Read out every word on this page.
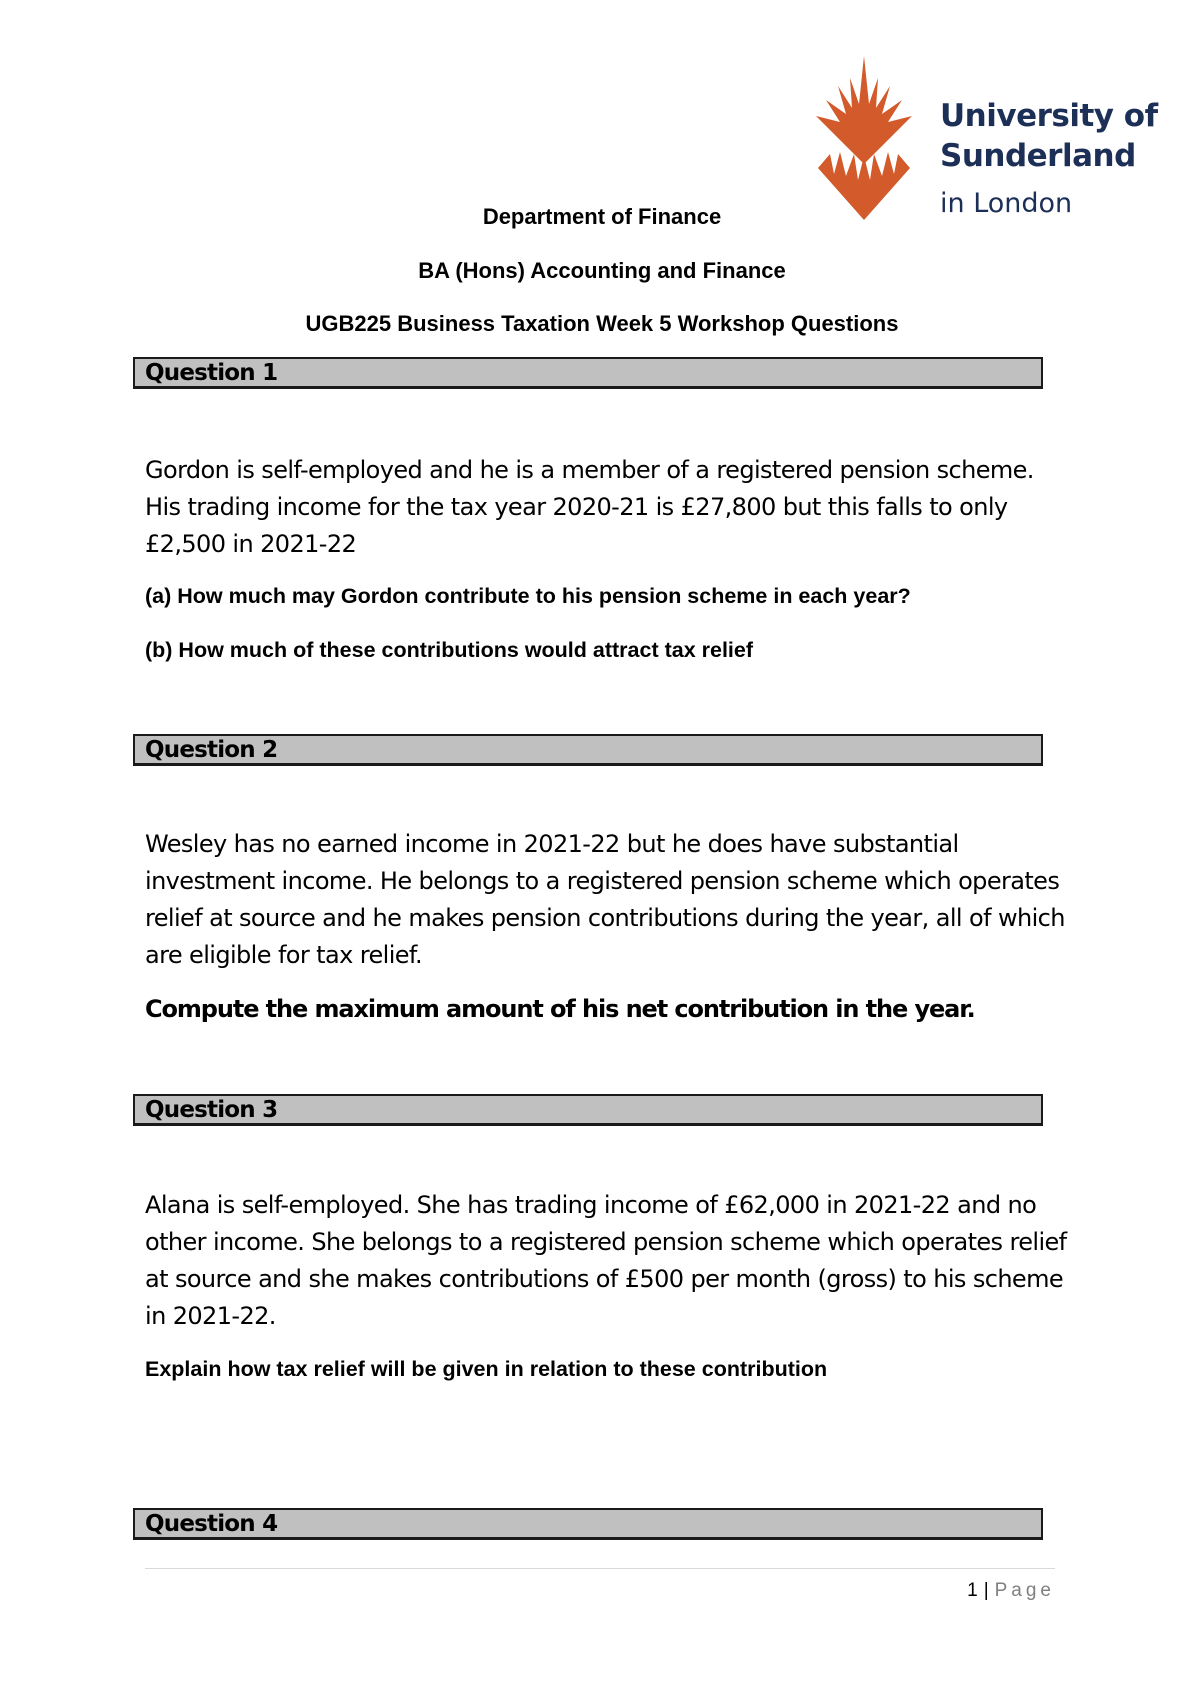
University of
Sunderland
in London
Department of Finance
BA (Hons) Accounting and Finance
UGB225 Business Taxation Week 5 Workshop Questions
Question 1
Gordon is self-employed and he is a member of a registered pension scheme. His trading income for the tax year 2020-21 is £27,800 but this falls to only £2,500 in 2021-22
(a) How much may Gordon contribute to his pension scheme in each year?
(b) How much of these contributions would attract tax relief
Question 2
Wesley has no earned income in 2021-22 but he does have substantial investment income. He belongs to a registered pension scheme which operates relief at source and he makes pension contributions during the year, all of which are eligible for tax relief.
Compute the maximum amount of his net contribution in the year.
Question 3
Alana is self-employed. She has trading income of £62,000 in 2021-22 and no other income. She belongs to a registered pension scheme which operates relief at source and she makes contributions of £500 per month (gross) to his scheme in 2021-22.
Explain how tax relief will be given in relation to these contribution
Question 4
1 | Page
